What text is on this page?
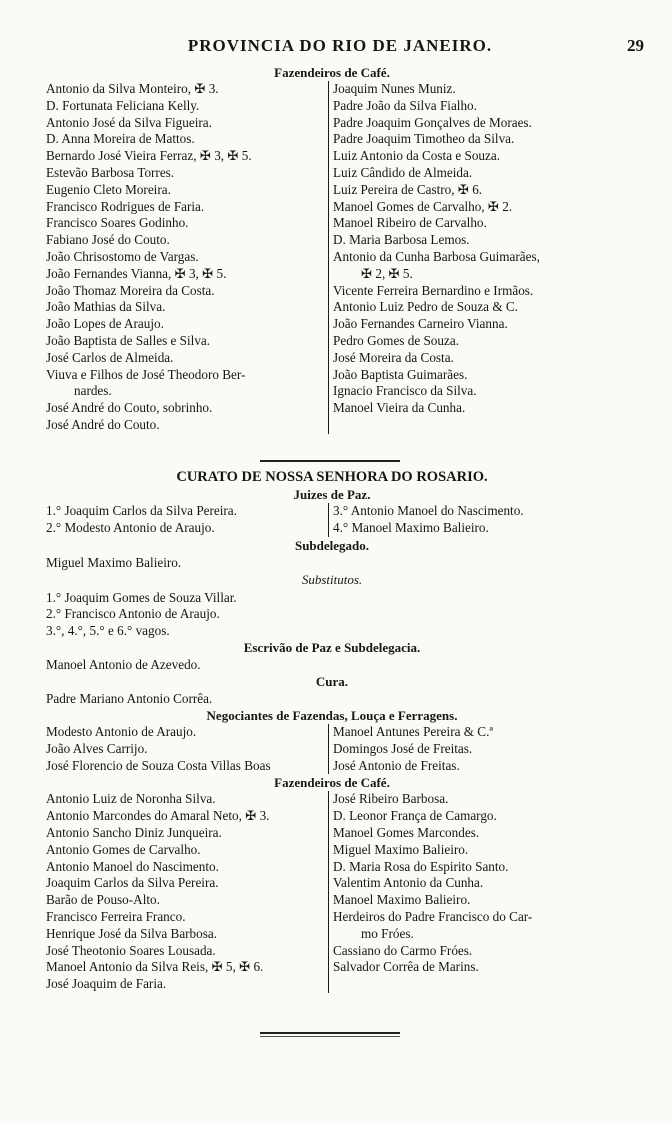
PROVINCIA DO RIO DE JANEIRO.	29
Fazendeiros de Café.
Antonio da Silva Monteiro, ✠ 3.
D. Fortunata Feliciana Kelly.
Antonio José da Silva Figueira.
D. Anna Moreira de Mattos.
Bernardo José Vieira Ferraz, ✠ 3, ✠ 5.
Estevão Barbosa Torres.
Eugenio Cleto Moreira.
Francisco Rodrigues de Faria.
Francisco Soares Godinho.
Fabiano José do Couto.
João Chrisostomo de Vargas.
João Fernandes Vianna, ✠ 3, ✠ 5.
João Thomaz Moreira da Costa.
João Mathias da Silva.
João Lopes de Araujo.
João Baptista de Salles e Silva.
José Carlos de Almeida.
Viuva e Filhos de José Theodoro Ber-
nardes.
José André do Couto, sobrinho.
José André do Couto.
Joaquim Nunes Muniz.
Padre João da Silva Fialho.
Padre Joaquim Gonçalves de Moraes.
Padre Joaquim Timotheo da Silva.
Luiz Antonio da Costa e Souza.
Luiz Cândido de Almeida.
Luiz Pereira de Castro, ✠ 6.
Manoel Gomes de Carvalho, ✠ 2.
Manoel Ribeiro de Carvalho.
D. Maria Barbosa Lemos.
Antonio da Cunha Barbosa Guimarães,
✠ 2, ✠ 5.
Vicente Ferreira Bernardino e Irmãos.
Antonio Luiz Pedro de Souza & C.
João Fernandes Carneiro Vianna.
Pedro Gomes de Souza.
José Moreira da Costa.
João Baptista Guimarães.
Ignacio Francisco da Silva.
Manoel Vieira da Cunha.

CURATO DE NOSSA SENHORA DO ROSARIO.
Juizes de Paz.
1.° Joaquim Carlos da Silva Pereira.
2.° Modesto Antonio de Araujo.
3.° Antonio Manoel do Nascimento.
4.° Manoel Maximo Balieiro.
Subdelegado.
Miguel Maximo Balieiro.
Substitutos.
1.° Joaquim Gomes de Souza Villar.
2.° Francisco Antonio de Araujo.
3.°, 4.°, 5.° e 6.° vagos.
Escrivão de Paz e Subdelegacia.
Manoel Antonio de Azevedo.
Cura.
Padre Mariano Antonio Corrêa.
Negociantes de Fazendas, Louça e Ferragens.
Modesto Antonio de Araujo.
João Alves Carrijo.
José Florencio de Souza Costa Villas Boas
Manoel Antunes Pereira & C.ª
Domingos José de Freitas.
José Antonio de Freitas.
Fazendeiros de Café.
Antonio Luiz de Noronha Silva.
Antonio Marcondes do Amaral Neto, ✠ 3.
Antonio Sancho Diniz Junqueira.
Antonio Gomes de Carvalho.
Antonio Manoel do Nascimento.
Joaquim Carlos da Silva Pereira.
Barão de Pouso-Alto.
Francisco Ferreira Franco.
Henrique José da Silva Barbosa.
José Theotonio Soares Lousada.
Manoel Antonio da Silva Reis, ✠ 5, ✠ 6.
José Joaquim de Faria.
José Ribeiro Barbosa.
D. Leonor França de Camargo.
Manoel Gomes Marcondes.
Miguel Maximo Balieiro.
D. Maria Rosa do Espirito Santo.
Valentim Antonio da Cunha.
Manoel Maximo Balieiro.
Herdeiros do Padre Francisco do Car-
mo Fróes.
Cassiano do Carmo Fróes.
Salvador Corrêa de Marins.
